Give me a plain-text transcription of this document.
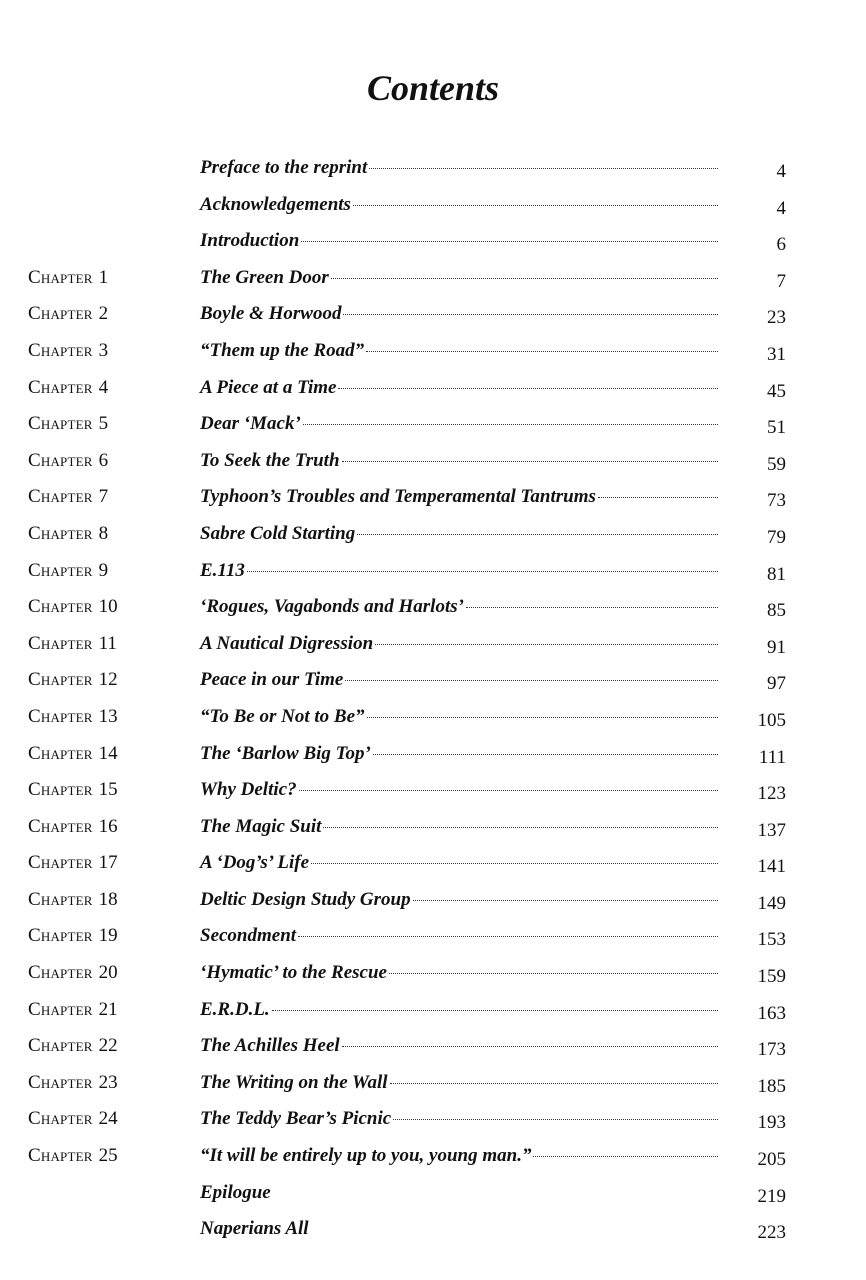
Contents
Preface to the reprint	4
Acknowledgements	4
Introduction	6
Chapter 1	The Green Door	7
Chapter 2	Boyle & Horwood	23
Chapter 3	“Them up the Road”	31
Chapter 4	A Piece at a Time	45
Chapter 5	Dear ‘Mack’	51
Chapter 6	To Seek the Truth	59
Chapter 7	Typhoon’s Troubles and Temperamental Tantrums	73
Chapter 8	Sabre Cold Starting	79
Chapter 9	E.113	81
Chapter 10	‘Rogues, Vagabonds and Harlots’	85
Chapter 11	A Nautical Digression	91
Chapter 12	Peace in our Time	97
Chapter 13	“To Be or Not to Be”	105
Chapter 14	The ‘Barlow Big Top’	111
Chapter 15	Why Deltic?	123
Chapter 16	The Magic Suit	137
Chapter 17	A ‘Dog’s’ Life	141
Chapter 18	Deltic Design Study Group	149
Chapter 19	Secondment	153
Chapter 20	‘Hymatic’ to the Rescue	159
Chapter 21	E.R.D.L.	163
Chapter 22	The Achilles Heel	173
Chapter 23	The Writing on the Wall	185
Chapter 24	The Teddy Bear’s Picnic	193
Chapter 25	“It will be entirely up to you, young man.”	205
Epilogue	219
Naperians All	223
